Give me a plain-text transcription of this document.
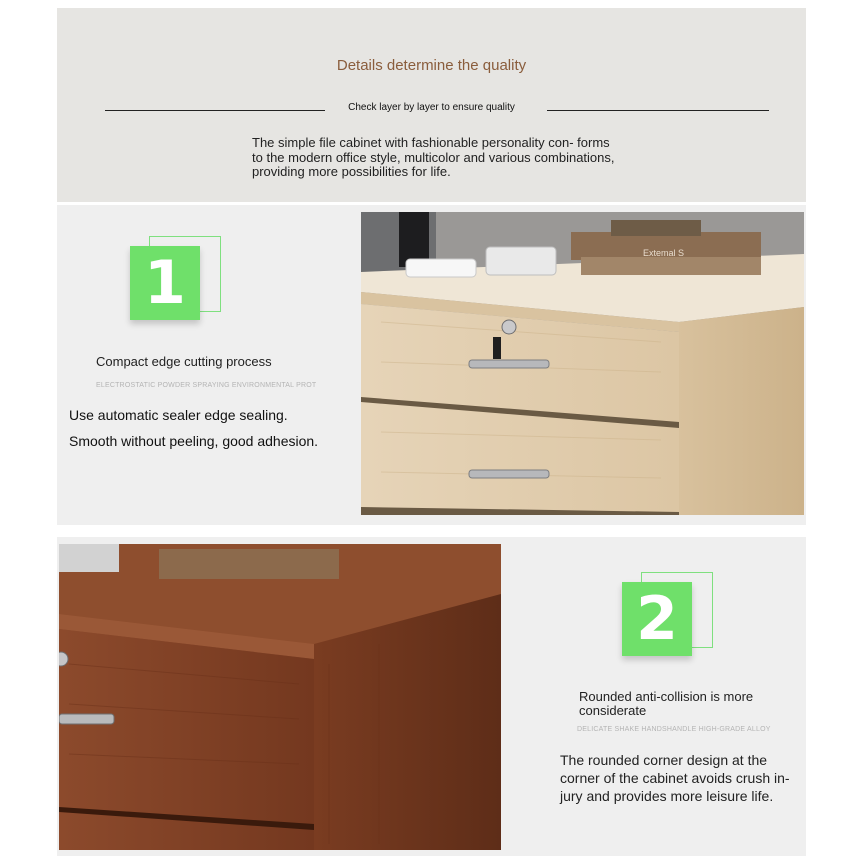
Details determine the quality
Check layer by layer to ensure quality
The simple file cabinet with fashionable personality con- forms to the modern office style, multicolor and various combinations, providing more possibilities for life.
1
Compact edge cutting process
ELECTROSTATIC POWDER SPRAYING ENVIRONMENTAL PROT
Use automatic sealer edge sealing.
Smooth without peeling, good adhesion.
Extemal S
2
Rounded anti-collision is more considerate
DELICATE SHAKE HANDSHANDLE HIGH-GRADE ALLOY
The rounded corner design at the corner of the cabinet avoids crush in- jury and provides more leisure life.
